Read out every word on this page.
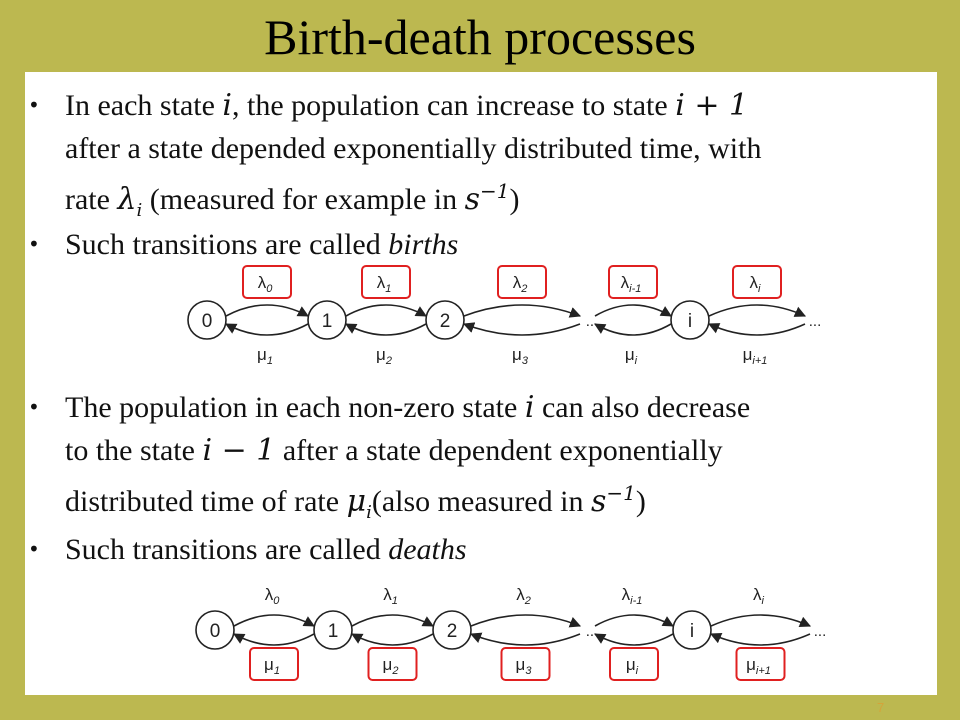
Birth-death processes
• In each state i, the population can increase to state i + 1
after a state depended exponentially distributed time, with
rate $\lambda_i$ (measured for example in $s^{-1}$)
• Such transitions are called births
$\lambda_0$
$\mu_1$
$\lambda_1$
$\mu_2$
$\lambda_2$
$\mu_3$
$\lambda_{i-1}$
$\mu_i$
$\lambda_i$
$\mu_{i+1}$
0	1	2	i
...	...
• The population in each non-zero state i can also decrease
to the state i − 1 after a state dependent exponentially
distributed time of rate $\mu_i(also$ measured in $s^{-1}$)
• Such transitions are called deaths
$\lambda_0$
$\mu_1$
$\lambda_1$
$\mu_2$
$\lambda_2$
$\mu_3$
$\lambda_{i-1}$
$\mu_i$
$\lambda_i$
$\mu_{i+1}$
0	1	2	i
...	...
7
